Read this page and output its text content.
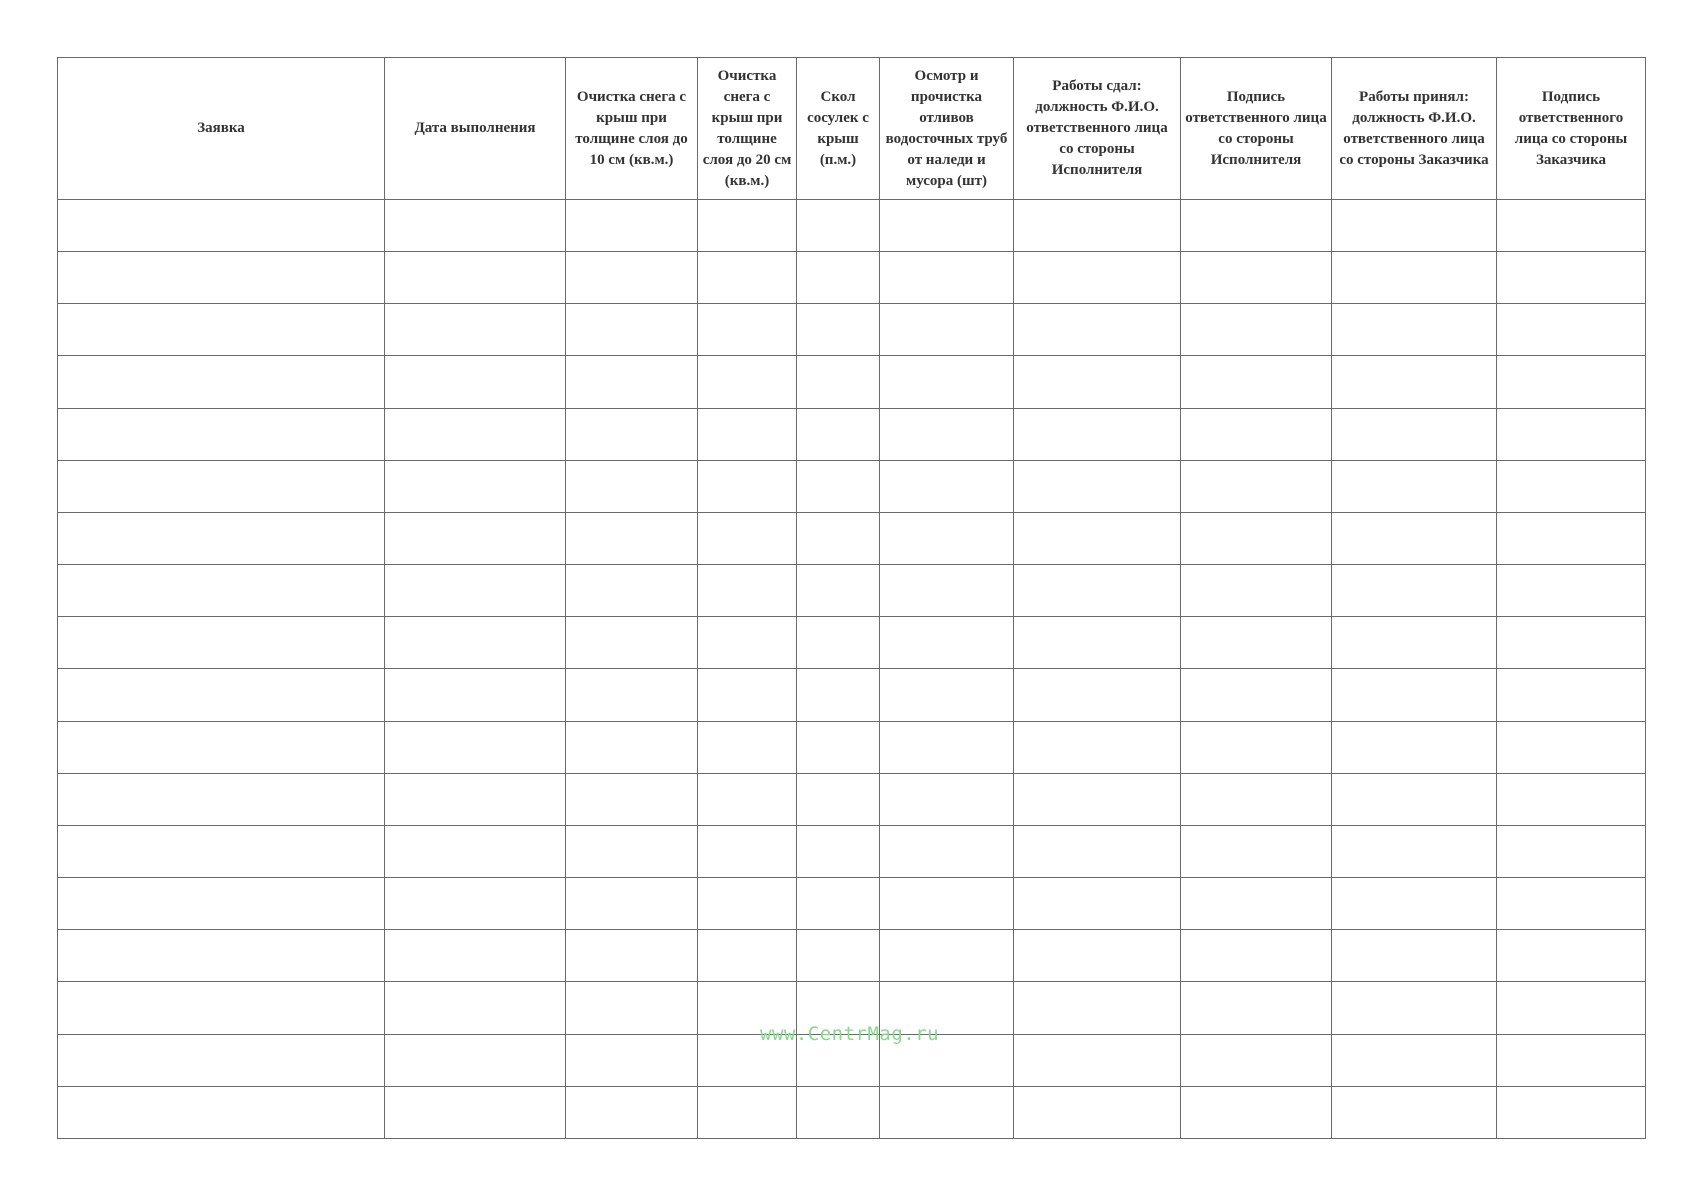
Заявка	Дата выполнения	Очистка снега с крыш при толщине слоя до 10 см (кв.м.)	Очистка снега с крыш при толщине слоя до 20 см (кв.м.)	Скол сосулек с крыш (п.м.)	Осмотр и прочистка отливов водосточных труб от наледи и мусора (шт)	Работы сдал: должность Ф.И.О. ответственного лица со стороны Исполнителя	Подпись ответственного лица со стороны Исполнителя	Работы принял: должность Ф.И.О. ответственного лица со стороны Заказчика	Подпись ответственного лица со стороны Заказчика

www.CentrMag.ru
